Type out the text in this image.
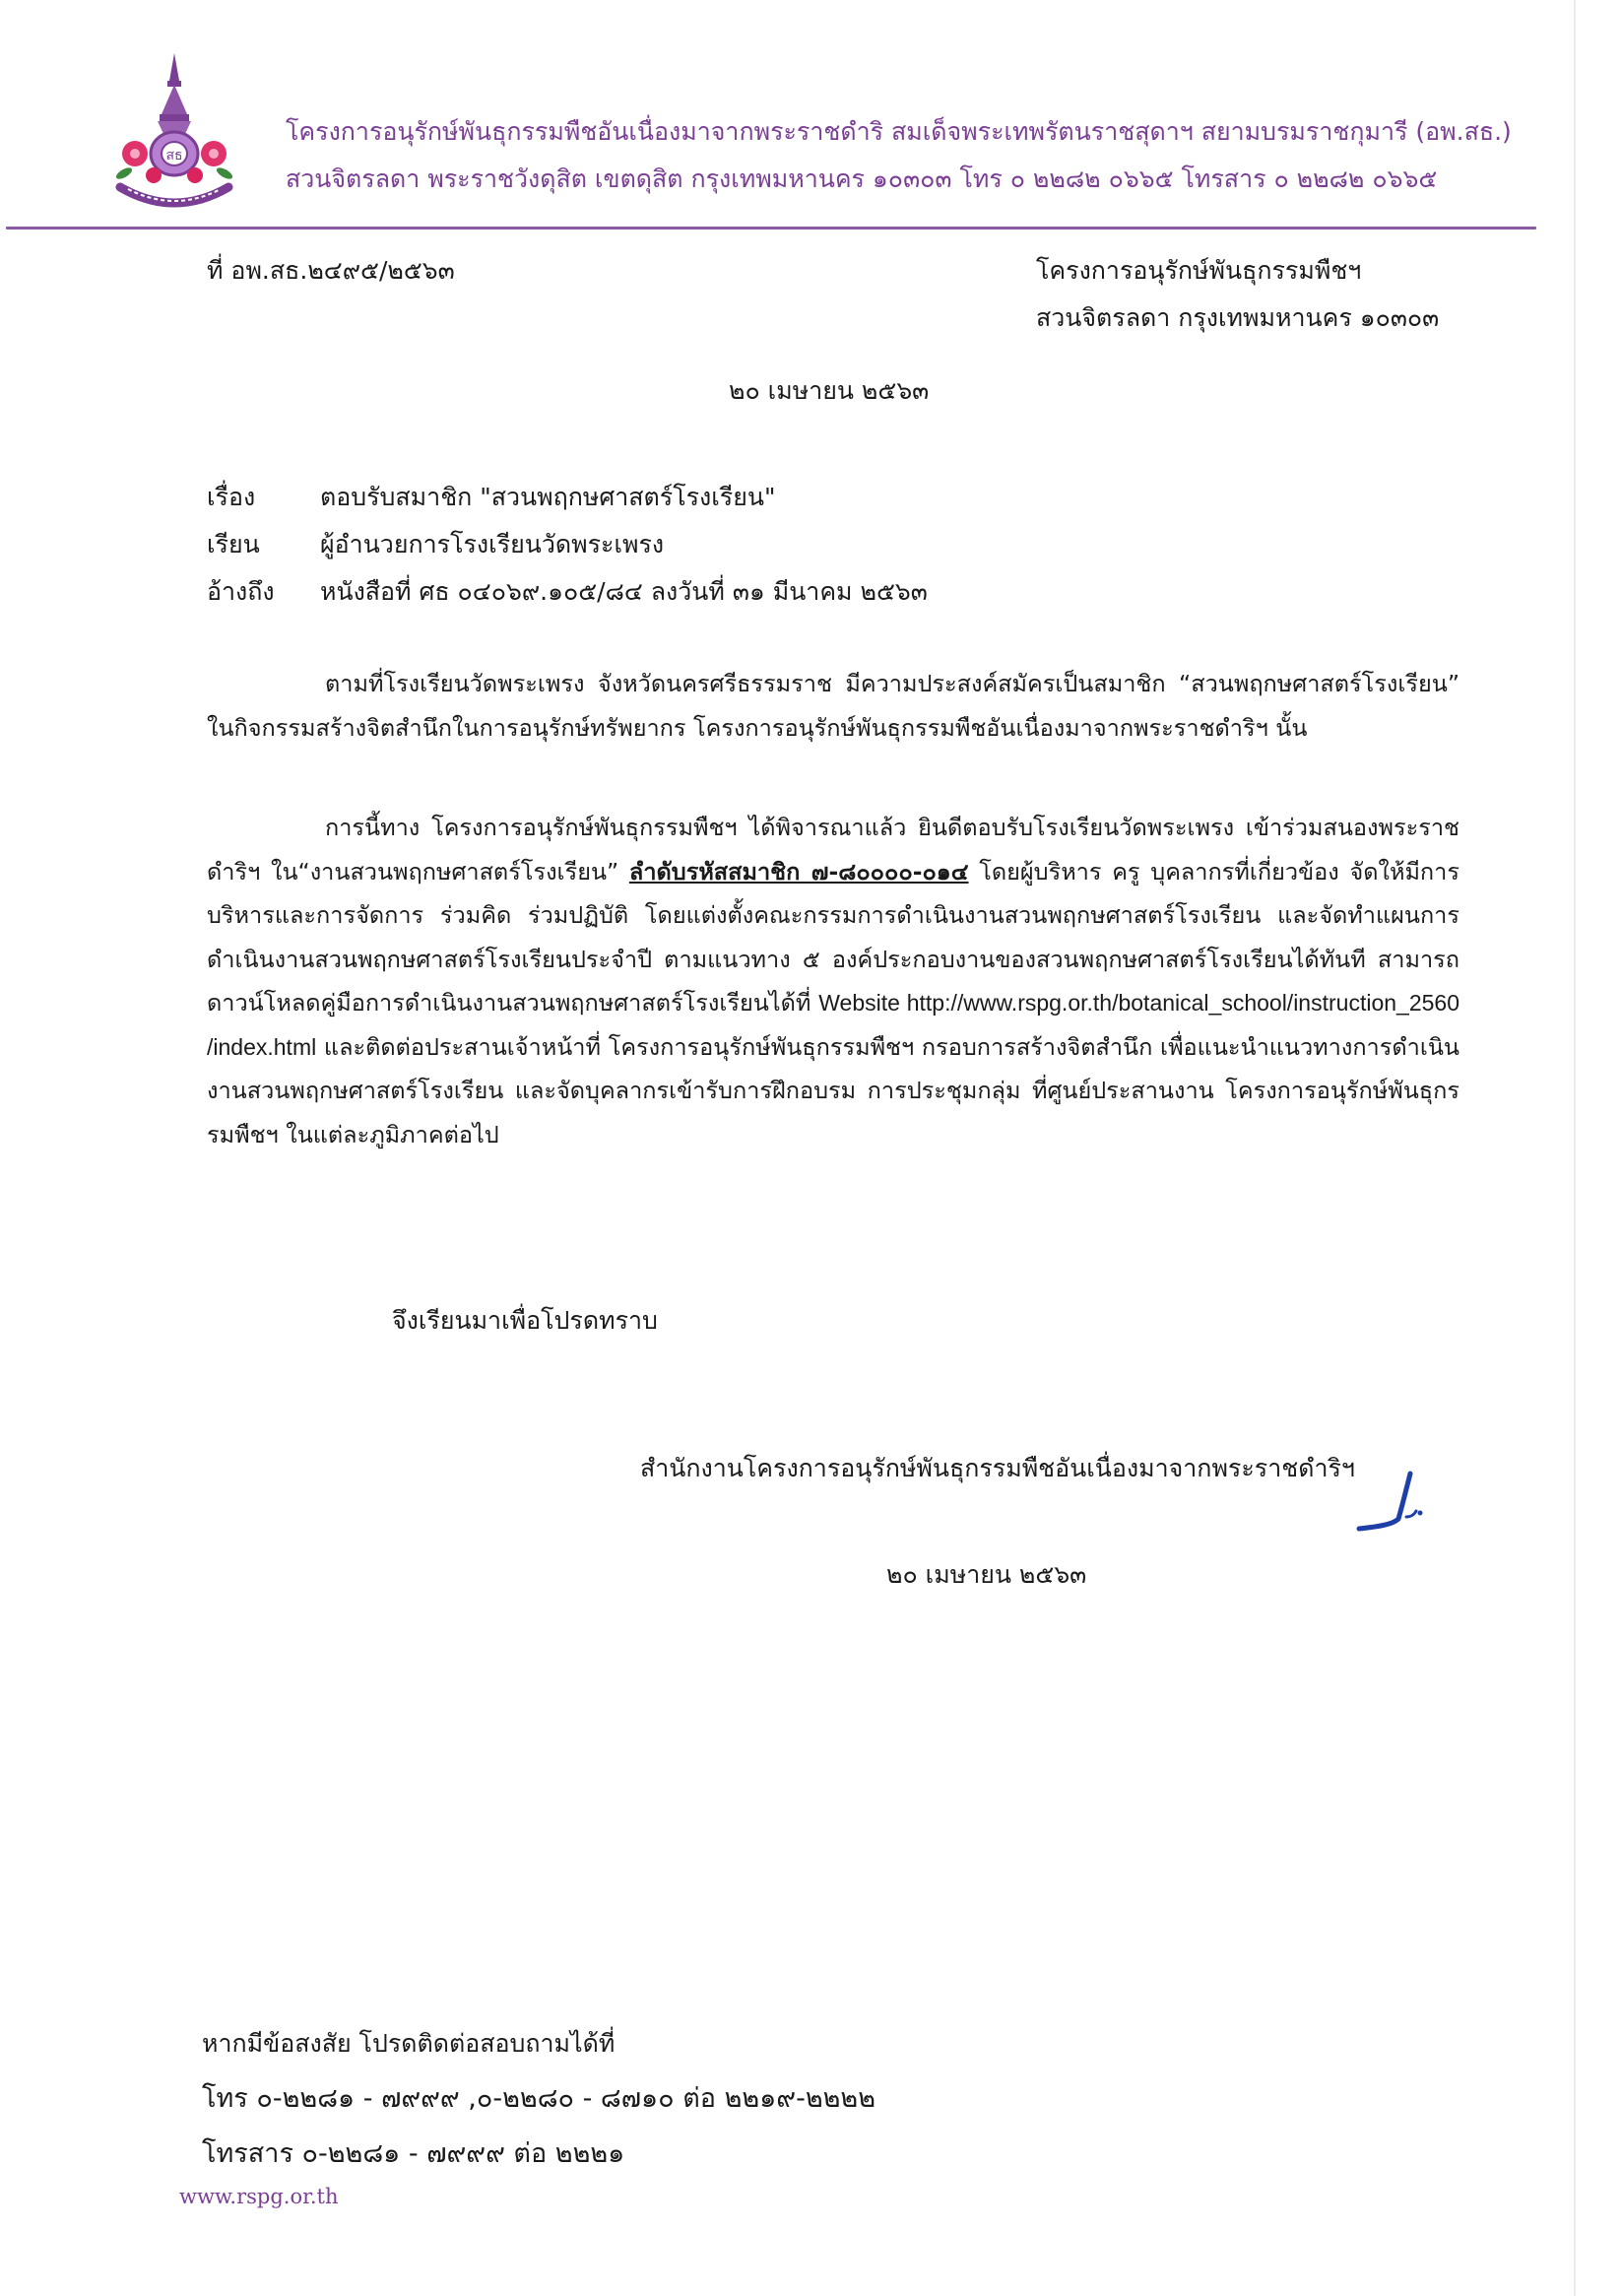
สธ
โครงการอนุรักษ์พันธุกรรมพืชอันเนื่องมาจากพระราชดำริ สมเด็จพระเทพรัตนราชสุดาฯ สยามบรมราชกุมารี (อพ.สธ.)
สวนจิตรลดา พระราชวังดุสิต เขตดุสิต กรุงเทพมหานคร ๑๐๓๐๓ โทร ๐ ๒๒๘๒ ๐๖๖๕ โทรสาร ๐ ๒๒๘๒ ๐๖๖๕
ที่ อพ.สธ.๒๔๙๕/๒๕๖๓	โครงการอนุรักษ์พันธุกรรมพืชฯ
สวนจิตรลดา กรุงเทพมหานคร ๑๐๓๐๓
๒๐ เมษายน ๒๕๖๓
เรื่อง	ตอบรับสมาชิก "สวนพฤกษศาสตร์โรงเรียน"
เรียน ผู้อำนวยการโรงเรียนวัดพระเพรง
อ้างถึง หนังสือที่ ศธ ๐๔๐๖๙.๑๐๕/๘๔ ลงวันที่ ๓๑ มีนาคม ๒๕๖๓
ตามที่โรงเรียนวัดพระเพรง จังหวัดนครศรีธรรมราช มีความประสงค์สมัครเป็นสมาชิก “สวนพฤกษศาสตร์โรงเรียน” ในกิจกรรมสร้างจิตสำนึกในการอนุรักษ์ทรัพยากร โครงการอนุรักษ์พันธุกรรมพืชอันเนื่องมาจากพระราชดำริฯ นั้น
การนี้ทาง โครงการอนุรักษ์พันธุกรรมพืชฯ ได้พิจารณาแล้ว ยินดีตอบรับโรงเรียนวัดพระเพรง เข้าร่วมสนองพระราชดำริฯ ใน“งานสวนพฤกษศาสตร์โรงเรียน” ลำดับรหัสสมาชิก ๗-๘๐๐๐๐-๐๑๔ โดยผู้บริหาร ครู บุคลากรที่เกี่ยวข้อง จัดให้มีการบริหารและการจัดการ ร่วมคิด ร่วมปฏิบัติ โดยแต่งตั้งคณะกรรมการดำเนินงานสวนพฤกษศาสตร์โรงเรียน และจัดทำแผนการดำเนินงานสวนพฤกษศาสตร์โรงเรียนประจำปี ตามแนวทาง ๕ องค์ประกอบงานของสวนพฤกษศาสตร์โรงเรียนได้ทันที สามารถดาวน์โหลดคู่มือการดำเนินงานสวนพฤกษศาสตร์โรงเรียนได้ที่ Website http://www.rspg.or.th/botanical_school/instruction_2560 /index.html และติดต่อประสานเจ้าหน้าที่ โครงการอนุรักษ์พันธุกรรมพืชฯ กรอบการสร้างจิตสำนึก เพื่อแนะนำแนวทางการดำเนินงานสวนพฤกษศาสตร์โรงเรียน และจัดบุคลากรเข้ารับการฝึกอบรม การประชุมกลุ่ม ที่ศูนย์ประสานงาน โครงการอนุรักษ์พันธุกรรมพืชฯ ในแต่ละภูมิภาคต่อไป
จึงเรียนมาเพื่อโปรดทราบ
สำนักงานโครงการอนุรักษ์พันธุกรรมพืชอันเนื่องมาจากพระราชดำริฯ
๒๐ เมษายน ๒๕๖๓
หากมีข้อสงสัย โปรดติดต่อสอบถามได้ที่
โทร ๐-๒๒๘๑ - ๗๙๙๙ ,๐-๒๒๘๐ - ๘๗๑๐ ต่อ ๒๒๑๙-๒๒๒๒
โทรสาร ๐-๒๒๘๑ - ๗๙๙๙ ต่อ ๒๒๒๑
www.rspg.or.th
